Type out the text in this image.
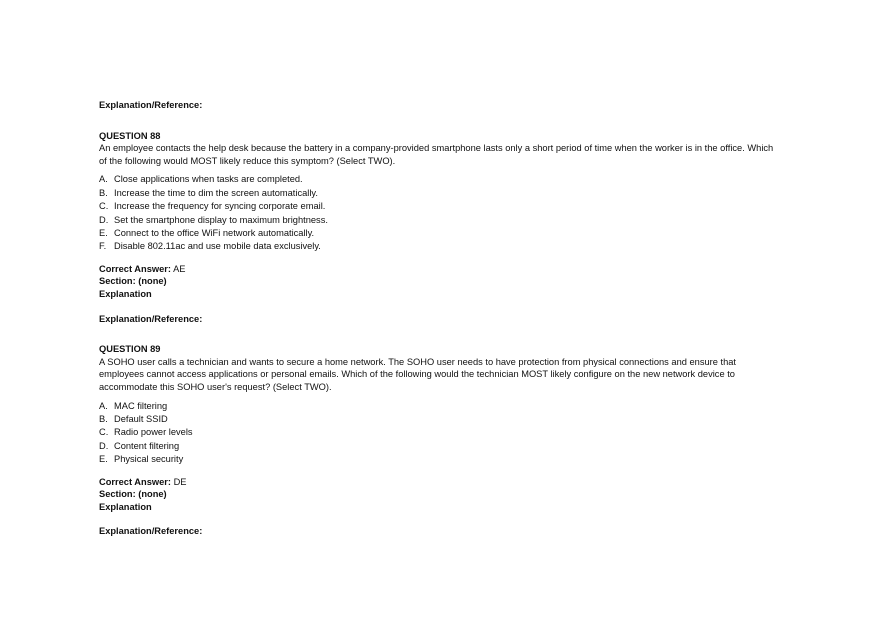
Explanation/Reference:
QUESTION 88

An employee contacts the help desk because the battery in a company-provided smartphone lasts only a short period of time when the worker is in the office. Which of the following would MOST likely reduce this symptom? (Select TWO).

A. Close applications when tasks are completed.
B. Increase the time to dim the screen automatically.
C. Increase the frequency for syncing corporate email.
D. Set the smartphone display to maximum brightness.
E. Connect to the office WiFi network automatically.
F. Disable 802.11ac and use mobile data exclusively.
Correct Answer: AE
Section: (none)
Explanation
Explanation/Reference:
QUESTION 89

A SOHO user calls a technician and wants to secure a home network. The SOHO user needs to have protection from physical connections and ensure that employees cannot access applications or personal emails. Which of the following would the technician MOST likely configure on the new network device to accommodate this SOHO user's request? (Select TWO).

A. MAC filtering
B. Default SSID
C. Radio power levels
D. Content filtering
E. Physical security
Correct Answer: DE
Section: (none)
Explanation
Explanation/Reference:
